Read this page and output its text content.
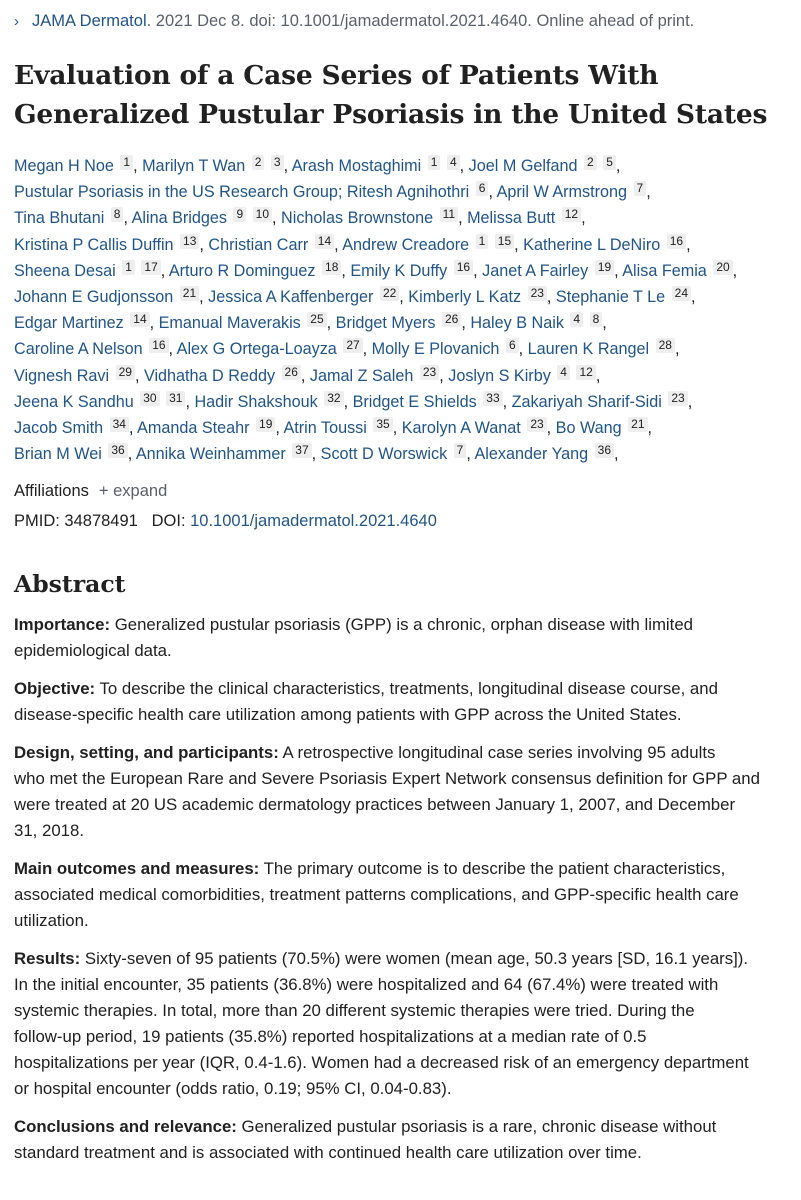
› JAMA Dermatol. 2021 Dec 8. doi: 10.1001/jamadermatol.2021.4640. Online ahead of print.
Evaluation of a Case Series of Patients With
Generalized Pustular Psoriasis in the United States
Megan H Noe 1 , Marilyn T Wan 2 3 , Arash Mostaghimi 1 4 , Joel M Gelfand 2 5 ,
Pustular Psoriasis in the US Research Group; Ritesh Agnihothri 6 , April W Armstrong 7 ,
Tina Bhutani 8 , Alina Bridges 9 10 , Nicholas Brownstone 11 , Melissa Butt 12 ,
Kristina P Callis Duffin 13 , Christian Carr 14 , Andrew Creadore 1 15 , Katherine L DeNiro 16 ,
Sheena Desai 1 17 , Arturo R Dominguez 18 , Emily K Duffy 16 , Janet A Fairley 19 , Alisa Femia 20 ,
Johann E Gudjonsson 21 , Jessica A Kaffenberger 22 , Kimberly L Katz 23 , Stephanie T Le 24 ,
Edgar Martinez 14 , Emanual Maverakis 25 , Bridget Myers 26 , Haley B Naik 4 8 ,
Caroline A Nelson 16 , Alex G Ortega-Loayza 27 , Molly E Plovanich 6 , Lauren K Rangel 28 ,
Vignesh Ravi 29 , Vidhatha D Reddy 26 , Jamal Z Saleh 23 , Joslyn S Kirby 4 12 ,
Jeena K Sandhu 30 31 , Hadir Shakshouk 32 , Bridget E Shields 33 , Zakariyah Sharif-Sidi 23 ,
Jacob Smith 34 , Amanda Steahr 19 , Atrin Toussi 35 , Karolyn A Wanat 23 , Bo Wang 21 ,
Brian M Wei 36 , Annika Weinhammer 37 , Scott D Worswick 7 , Alexander Yang 36 ,
Affiliations + expand
PMID: 34878491 DOI: 10.1001/jamadermatol.2021.4640
Abstract

Importance: Generalized pustular psoriasis (GPP) is a chronic, orphan disease with limited
epidemiological data.

Objective: To describe the clinical characteristics, treatments, longitudinal disease course, and
disease-specific health care utilization among patients with GPP across the United States.

Design, setting, and participants: A retrospective longitudinal case series involving 95 adults
who met the European Rare and Severe Psoriasis Expert Network consensus definition for GPP and
were treated at 20 US academic dermatology practices between January 1, 2007, and December
31, 2018.

Main outcomes and measures: The primary outcome is to describe the patient characteristics,
associated medical comorbidities, treatment patterns complications, and GPP-specific health care
utilization.

Results: Sixty-seven of 95 patients (70.5%) were women (mean age, 50.3 years [SD, 16.1 years]).
In the initial encounter, 35 patients (36.8%) were hospitalized and 64 (67.4%) were treated with
systemic therapies. In total, more than 20 different systemic therapies were tried. During the
follow-up period, 19 patients (35.8%) reported hospitalizations at a median rate of 0.5
hospitalizations per year (IQR, 0.4-1.6). Women had a decreased risk of an emergency department
or hospital encounter (odds ratio, 0.19; 95% CI, 0.04-0.83).

Conclusions and relevance: Generalized pustular psoriasis is a rare, chronic disease without
standard treatment and is associated with continued health care utilization over time.
